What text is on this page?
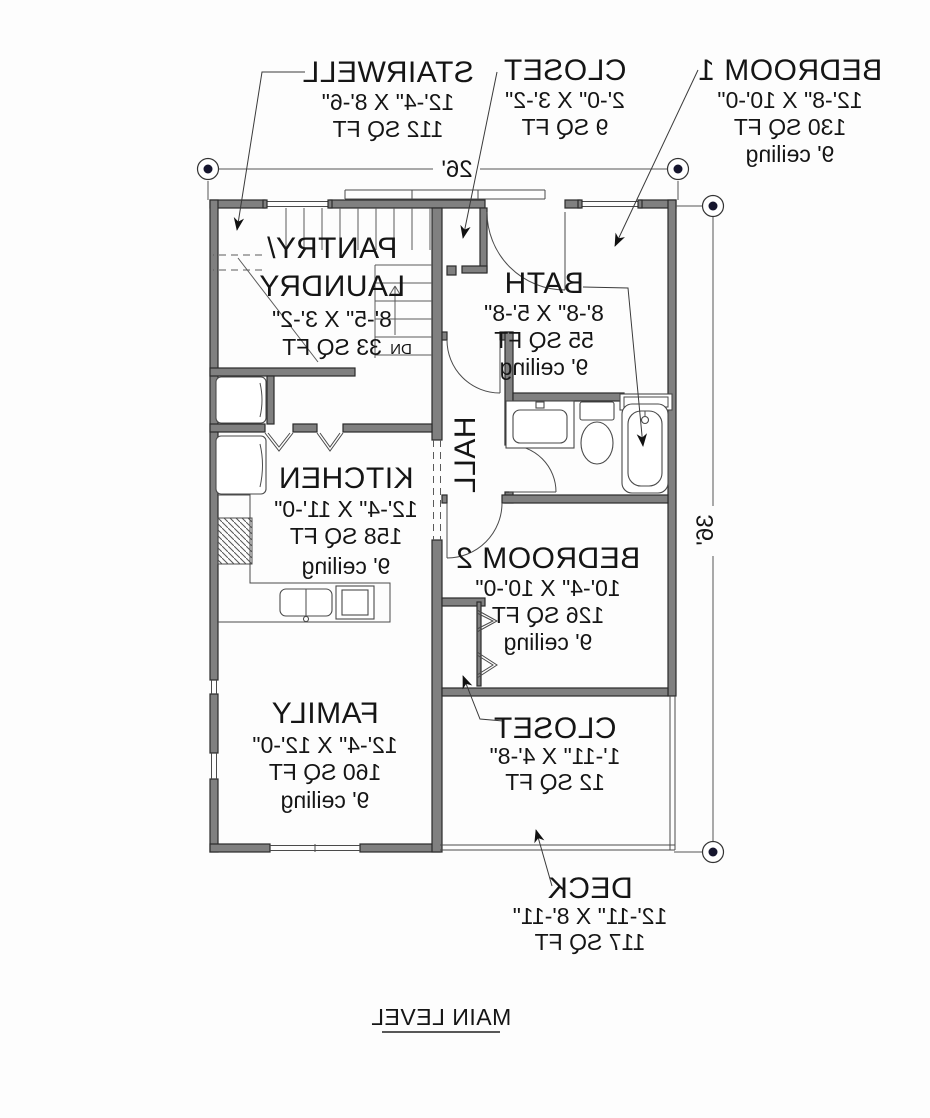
DN
26'
36'
STAIRWELL
12'-4" X 8'-6"
112 SQ FT
CLOSET
2'-0" X 3'-2"
9 SQ FT
BEDROOM 1
12'-8" X 10'-0"
130 SQ FT
9' ceiling
PANTRY/
LAUNDRY
8'-5" X 3'-2"
33 SQ FT
BATH
8'-8" X 5'-8"
55 SQ FT
9' ceiling
KITCHEN
12'-4" X 11'-0"
158 SQ FT
9' ceiling
HALL
BEDROOM 2
10'-4" X 10'-0"
126 SQ FT
9' ceiling
FAMILY
12'-4" X 12'-0"
160 SQ FT
9' ceiling
CLOSET
1'-11" X 4'-8"
12 SQ FT
DECK
12'-11" X 8'-11"
117 SQ FT
MAIN LEVEL
